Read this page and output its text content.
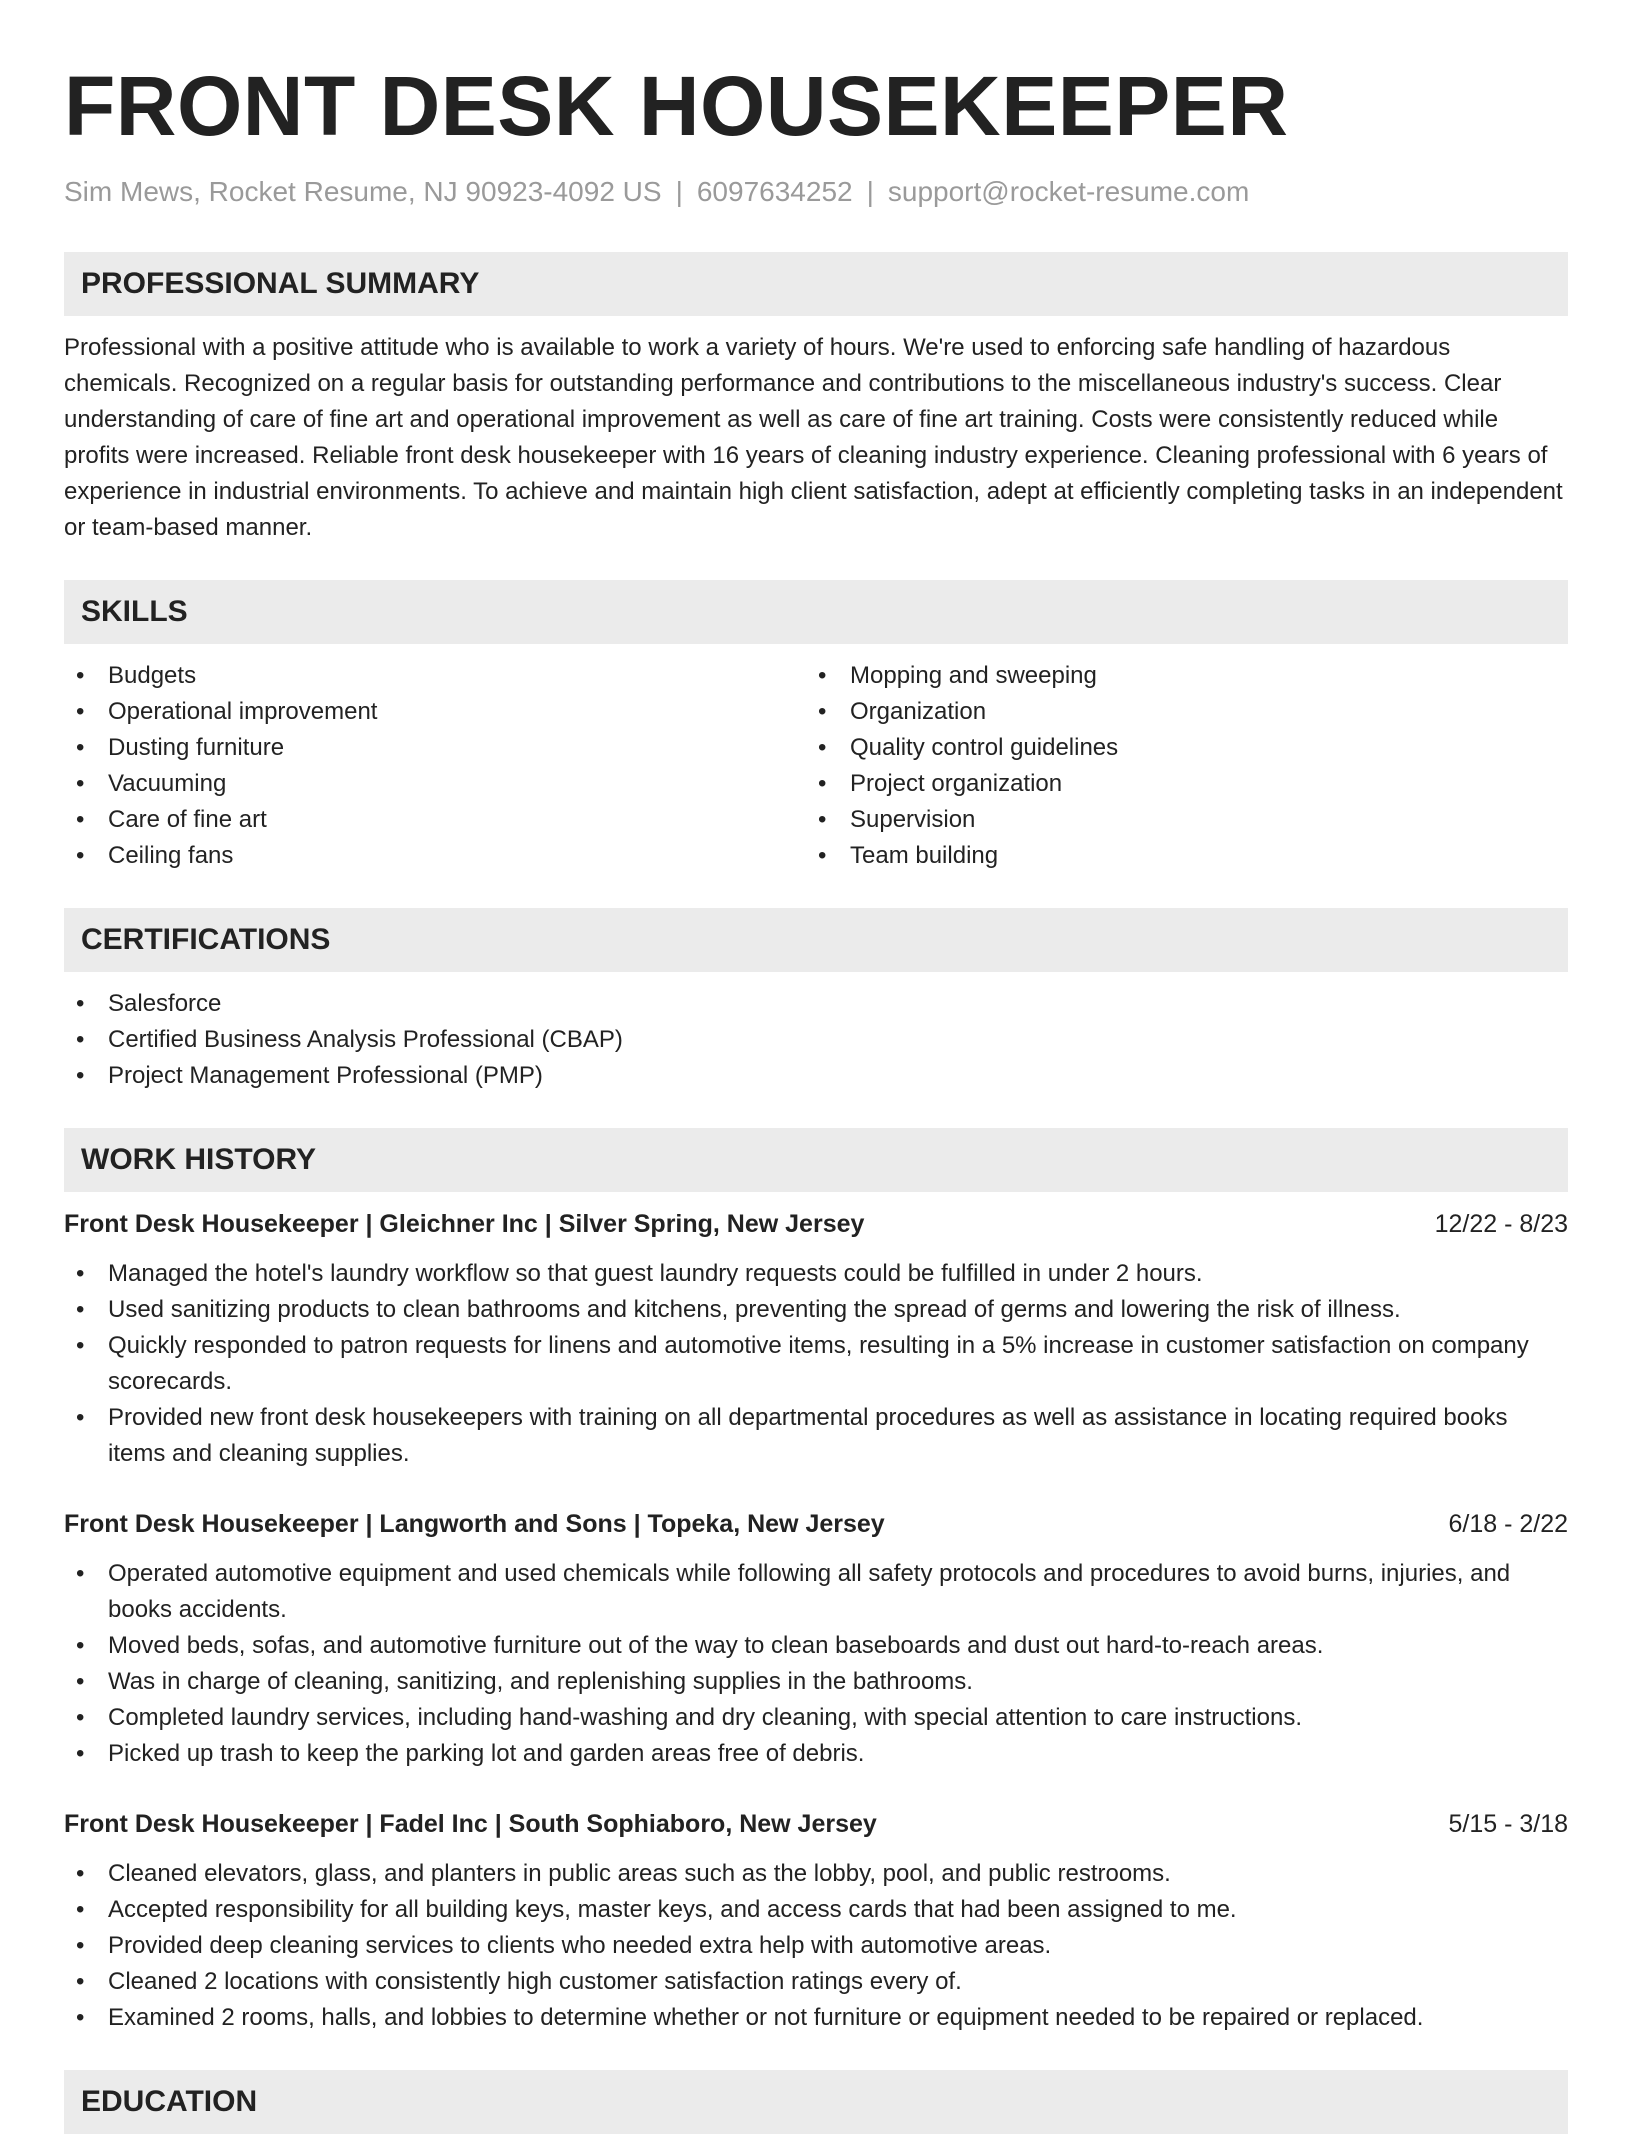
FRONT DESK HOUSEKEEPER
Sim Mews, Rocket Resume, NJ 90923-4092 US | 6097634252 | support@rocket-resume.com
PROFESSIONAL SUMMARY

Professional with a positive attitude who is available to work a variety of hours. We're used to enforcing safe handling of hazardous chemicals. Recognized on a regular basis for outstanding performance and contributions to the miscellaneous industry's success. Clear understanding of care of fine art and operational improvement as well as care of fine art training. Costs were consistently reduced while profits were increased. Reliable front desk housekeeper with 16 years of cleaning industry experience. Cleaning professional with 6 years of experience in industrial environments. To achieve and maintain high client satisfaction, adept at efficiently completing tasks in an independent or team-based manner.

SKILLS
• Budgets
• Operational improvement
• Dusting furniture
• Vacuuming
• Care of fine art
• Ceiling fans
• Mopping and sweeping
• Organization
• Quality control guidelines
• Project organization
• Supervision
• Team building
CERTIFICATIONS
• Salesforce
• Certified Business Analysis Professional (CBAP)
• Project Management Professional (PMP)
WORK HISTORY
Front Desk Housekeeper | Gleichner Inc | Silver Spring, New Jersey	12/22 - 8/23
• Managed the hotel's laundry workflow so that guest laundry requests could be fulfilled in under 2 hours.
• Used sanitizing products to clean bathrooms and kitchens, preventing the spread of germs and lowering the risk of illness.
• Quickly responded to patron requests for linens and automotive items, resulting in a 5% increase in customer satisfaction on company scorecards.
• Provided new front desk housekeepers with training on all departmental procedures as well as assistance in locating required books items and cleaning supplies.
Front Desk Housekeeper | Langworth and Sons | Topeka, New Jersey	6/18 - 2/22
• Operated automotive equipment and used chemicals while following all safety protocols and procedures to avoid burns, injuries, and books accidents.
• Moved beds, sofas, and automotive furniture out of the way to clean baseboards and dust out hard-to-reach areas.
• Was in charge of cleaning, sanitizing, and replenishing supplies in the bathrooms.
• Completed laundry services, including hand-washing and dry cleaning, with special attention to care instructions.
• Picked up trash to keep the parking lot and garden areas free of debris.
Front Desk Housekeeper | Fadel Inc | South Sophiaboro, New Jersey	5/15 - 3/18
• Cleaned elevators, glass, and planters in public areas such as the lobby, pool, and public restrooms.
• Accepted responsibility for all building keys, master keys, and access cards that had been assigned to me.
• Provided deep cleaning services to clients who needed extra help with automotive areas.
• Cleaned 2 locations with consistently high customer satisfaction ratings every of.
• Examined 2 rooms, halls, and lobbies to determine whether or not furniture or equipment needed to be repaired or replaced.
EDUCATION
